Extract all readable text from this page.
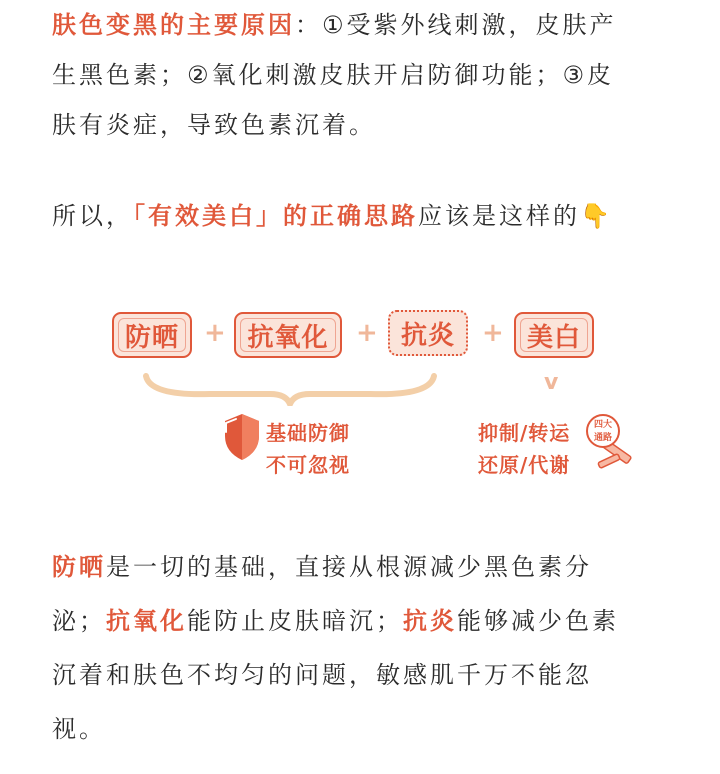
肤色变黑的主要原因：①受紫外线刺激，皮肤产
生黑色素；②氧化刺激皮肤开启防御功能；③皮
肤有炎症，导致色素沉着。
所以，「有效美白」的正确思路应该是这样的👇
防晒 + 抗氧化 + 抗炎 + 美白
v
基础防御
不可忽视
抑制/转运
还原/代谢
四大
通路
防晒是一切的基础，直接从根源减少黑色素分
泌；抗氧化能防止皮肤暗沉；抗炎能够减少色素
沉着和肤色不均匀的问题，敏感肌千万不能忽
视。
